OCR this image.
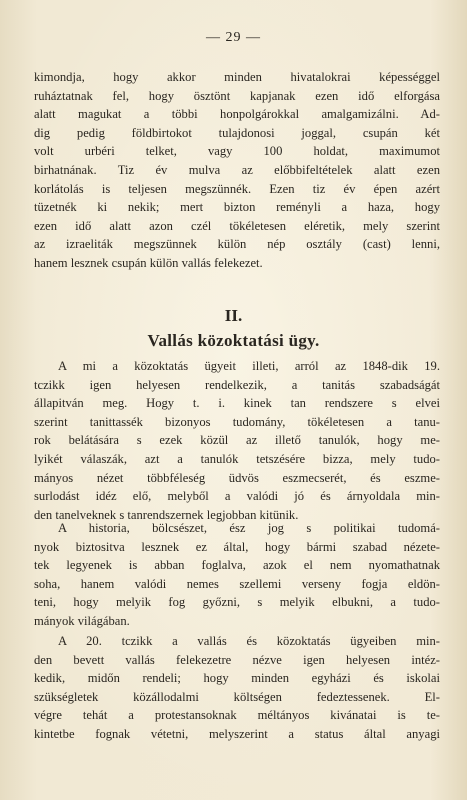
— 29 —
kimondja, hogy akkor minden hivatalokrai képességgel
ruháztatnak fel, hogy ösztönt kapjanak ezen idő elforgása
alatt magukat a többi honpolgárokkal amalgamizálni. Ad-
dig pedig földbirtokot tulajdonosi joggal, csupán két
volt urbéri telket, vagy 100 holdat, maximumot
birhatnának. Tiz év mulva az előbbifeltételek alatt ezen
korlátolás is teljesen megszünnék. Ezen tiz év épen azért
tüzetnék ki nekik; mert bizton reményli a haza, hogy
ezen idő alatt azon czél tökéletesen eléretik, mely szerint
az izraeliták megszünnek külön nép osztály (cast) lenni,
hanem lesznek csupán külön vallás felekezet.
II.
Vallás közoktatási ügy.
A mi a közoktatás ügyeit illeti, arról az 1848-dik 19.
tczikk igen helyesen rendelkezik, a tanitás szabadságát
állapitván meg. Hogy t. i. kinek tan rendszere s elvei
szerint tanittassék bizonyos tudomány, tökéletesen a tanu-
rok belátására s ezek közül az illető tanulók, hogy me-
lyikét válaszák, azt a tanulók tetszésére bizza, mely tudo-
mányos nézet többféleség üdvös eszmecserét, és eszme-
surlodást idéz elő, melyből a valódi jó és árnyoldala min-
den tanelveknek s tanrendszernek legjobban kitünik.
A historia, bölcsészet, ész jog s politikai tudomá-
nyok biztositva lesznek ez által, hogy bármi szabad nézete-
tek legyenek is abban foglalva, azok el nem nyomathatnak
soha, hanem valódi nemes szellemi verseny fogja eldön-
teni, hogy melyik fog győzni, s melyik elbukni, a tudo-
mányok világában.
A 20. tczikk a vallás és közoktatás ügyeiben min-
den bevett vallás felekezetre nézve igen helyesen intéz-
kedik, midőn rendeli; hogy minden egyházi és iskolai
szükségletek közállodalmi költségen fedeztessenek. El-
végre tehát a protestansoknak méltányos kivánatai is te-
kintetbe fognak vétetni, melyszerint a status által anyagi
